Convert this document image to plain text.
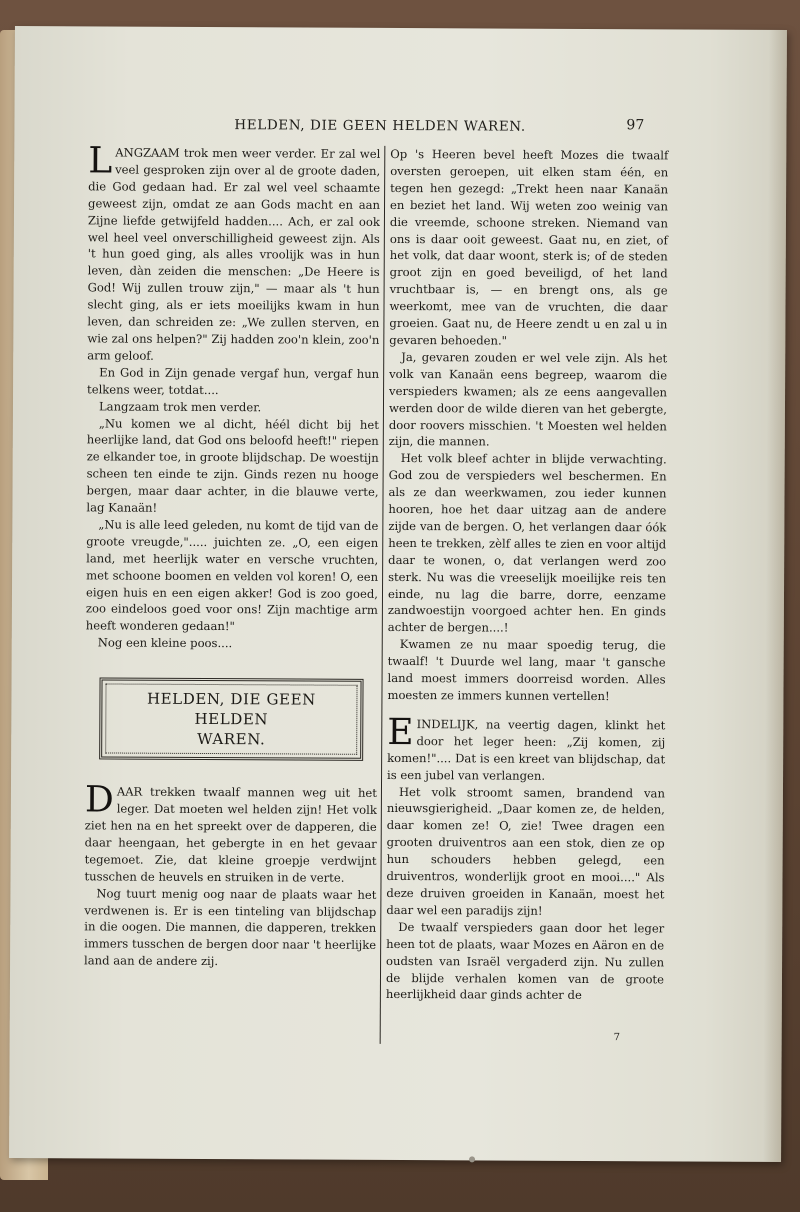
HELDEN, DIE GEEN HELDEN WAREN.	97

LANGZAAM trok men weer verder. Er zal wel veel gesproken zijn over al de groote daden, die God gedaan had. Er zal wel veel schaamte geweest zijn, omdat ze aan Gods macht en aan Zijne liefde getwijfeld hadden.... Ach, er zal ook wel heel veel onverschilligheid geweest zijn. Als 't hun goed ging, als alles vroolijk was in hun leven, dàn zeiden die menschen: „De Heere is God! Wij zullen trouw zijn," — maar als 't hun slecht ging, als er iets moeilijks kwam in hun leven, dan schreiden ze: „We zullen sterven, en wie zal ons helpen?" Zij hadden zoo'n klein, zoo'n arm geloof.

En God in Zijn genade vergaf hun, vergaf hun telkens weer, totdat....

Langzaam trok men verder.

„Nu komen we al dicht, héél dicht bij het heerlijke land, dat God ons beloofd heeft!" riepen ze elkander toe, in groote blijdschap. De woestijn scheen ten einde te zijn. Ginds rezen nu hooge bergen, maar daar achter, in die blauwe verte, lag Kanaän!

„Nu is alle leed geleden, nu komt de tijd van de groote vreugde,"..... juichten ze. „O, een eigen land, met heerlijk water en versche vruchten, met schoone boomen en velden vol koren! O, een eigen huis en een eigen akker! God is zoo goed, zoo eindeloos goed voor ons! Zijn machtige arm heeft wonderen gedaan!"

Nog een kleine poos....

HELDEN, DIE GEEN HELDEN
WAREN.

DAAR trekken twaalf mannen weg uit het leger. Dat moeten wel helden zijn! Het volk ziet hen na en het spreekt over de dapperen, die daar heengaan, het gebergte in en het gevaar tegemoet. Zie, dat kleine groepje verdwijnt tusschen de heuvels en struiken in de verte.

Nog tuurt menig oog naar de plaats waar het verdwenen is. Er is een tinteling van blijdschap in die oogen. Die mannen, die dapperen, trekken immers tusschen de bergen door naar 't heerlijke land aan de andere zij.

Op 's Heeren bevel heeft Mozes die twaalf oversten geroepen, uit elken stam één, en tegen hen gezegd: „Trekt heen naar Kanaän en beziet het land. Wij weten zoo weinig van die vreemde, schoone streken. Niemand van ons is daar ooit geweest. Gaat nu, en ziet, of het volk, dat daar woont, sterk is; of de steden groot zijn en goed beveiligd, of het land vruchtbaar is, — en brengt ons, als ge weerkomt, mee van de vruchten, die daar groeien. Gaat nu, de Heere zendt u en zal u in gevaren behoeden."

Ja, gevaren zouden er wel vele zijn. Als het volk van Kanaän eens begreep, waarom die verspieders kwamen; als ze eens aangevallen werden door de wilde dieren van het gebergte, door roovers misschien. 't Moesten wel helden zijn, die mannen.

Het volk bleef achter in blijde verwachting. God zou de verspieders wel beschermen. En als ze dan weerkwamen, zou ieder kunnen hooren, hoe het daar uitzag aan de andere zijde van de bergen. O, het verlangen daar óók heen te trekken, zèlf alles te zien en voor altijd daar te wonen, o, dat verlangen werd zoo sterk. Nu was die vreeselijk moeilijke reis ten einde, nu lag die barre, dorre, eenzame zandwoestijn voorgoed achter hen. En ginds achter de bergen....!

Kwamen ze nu maar spoedig terug, die twaalf! 't Duurde wel lang, maar 't gansche land moest immers doorreisd worden. Alles moesten ze immers kunnen vertellen!

EINDELIJK, na veertig dagen, klinkt het door het leger heen: „Zij komen, zij komen!".... Dat is een kreet van blijdschap, dat is een jubel van verlangen.

Het volk stroomt samen, brandend van nieuwsgierigheid. „Daar komen ze, de helden, daar komen ze! O, zie! Twee dragen een grooten druiventros aan een stok, dien ze op hun schouders hebben gelegd, een druiventros, wonderlijk groot en mooi...." Als deze druiven groeiden in Kanaän, moest het daar wel een paradijs zijn!

De twaalf verspieders gaan door het leger heen tot de plaats, waar Mozes en Aäron en de oudsten van Israël vergaderd zijn. Nu zullen de blijde verhalen komen van de groote heerlijkheid daar ginds achter de

7
